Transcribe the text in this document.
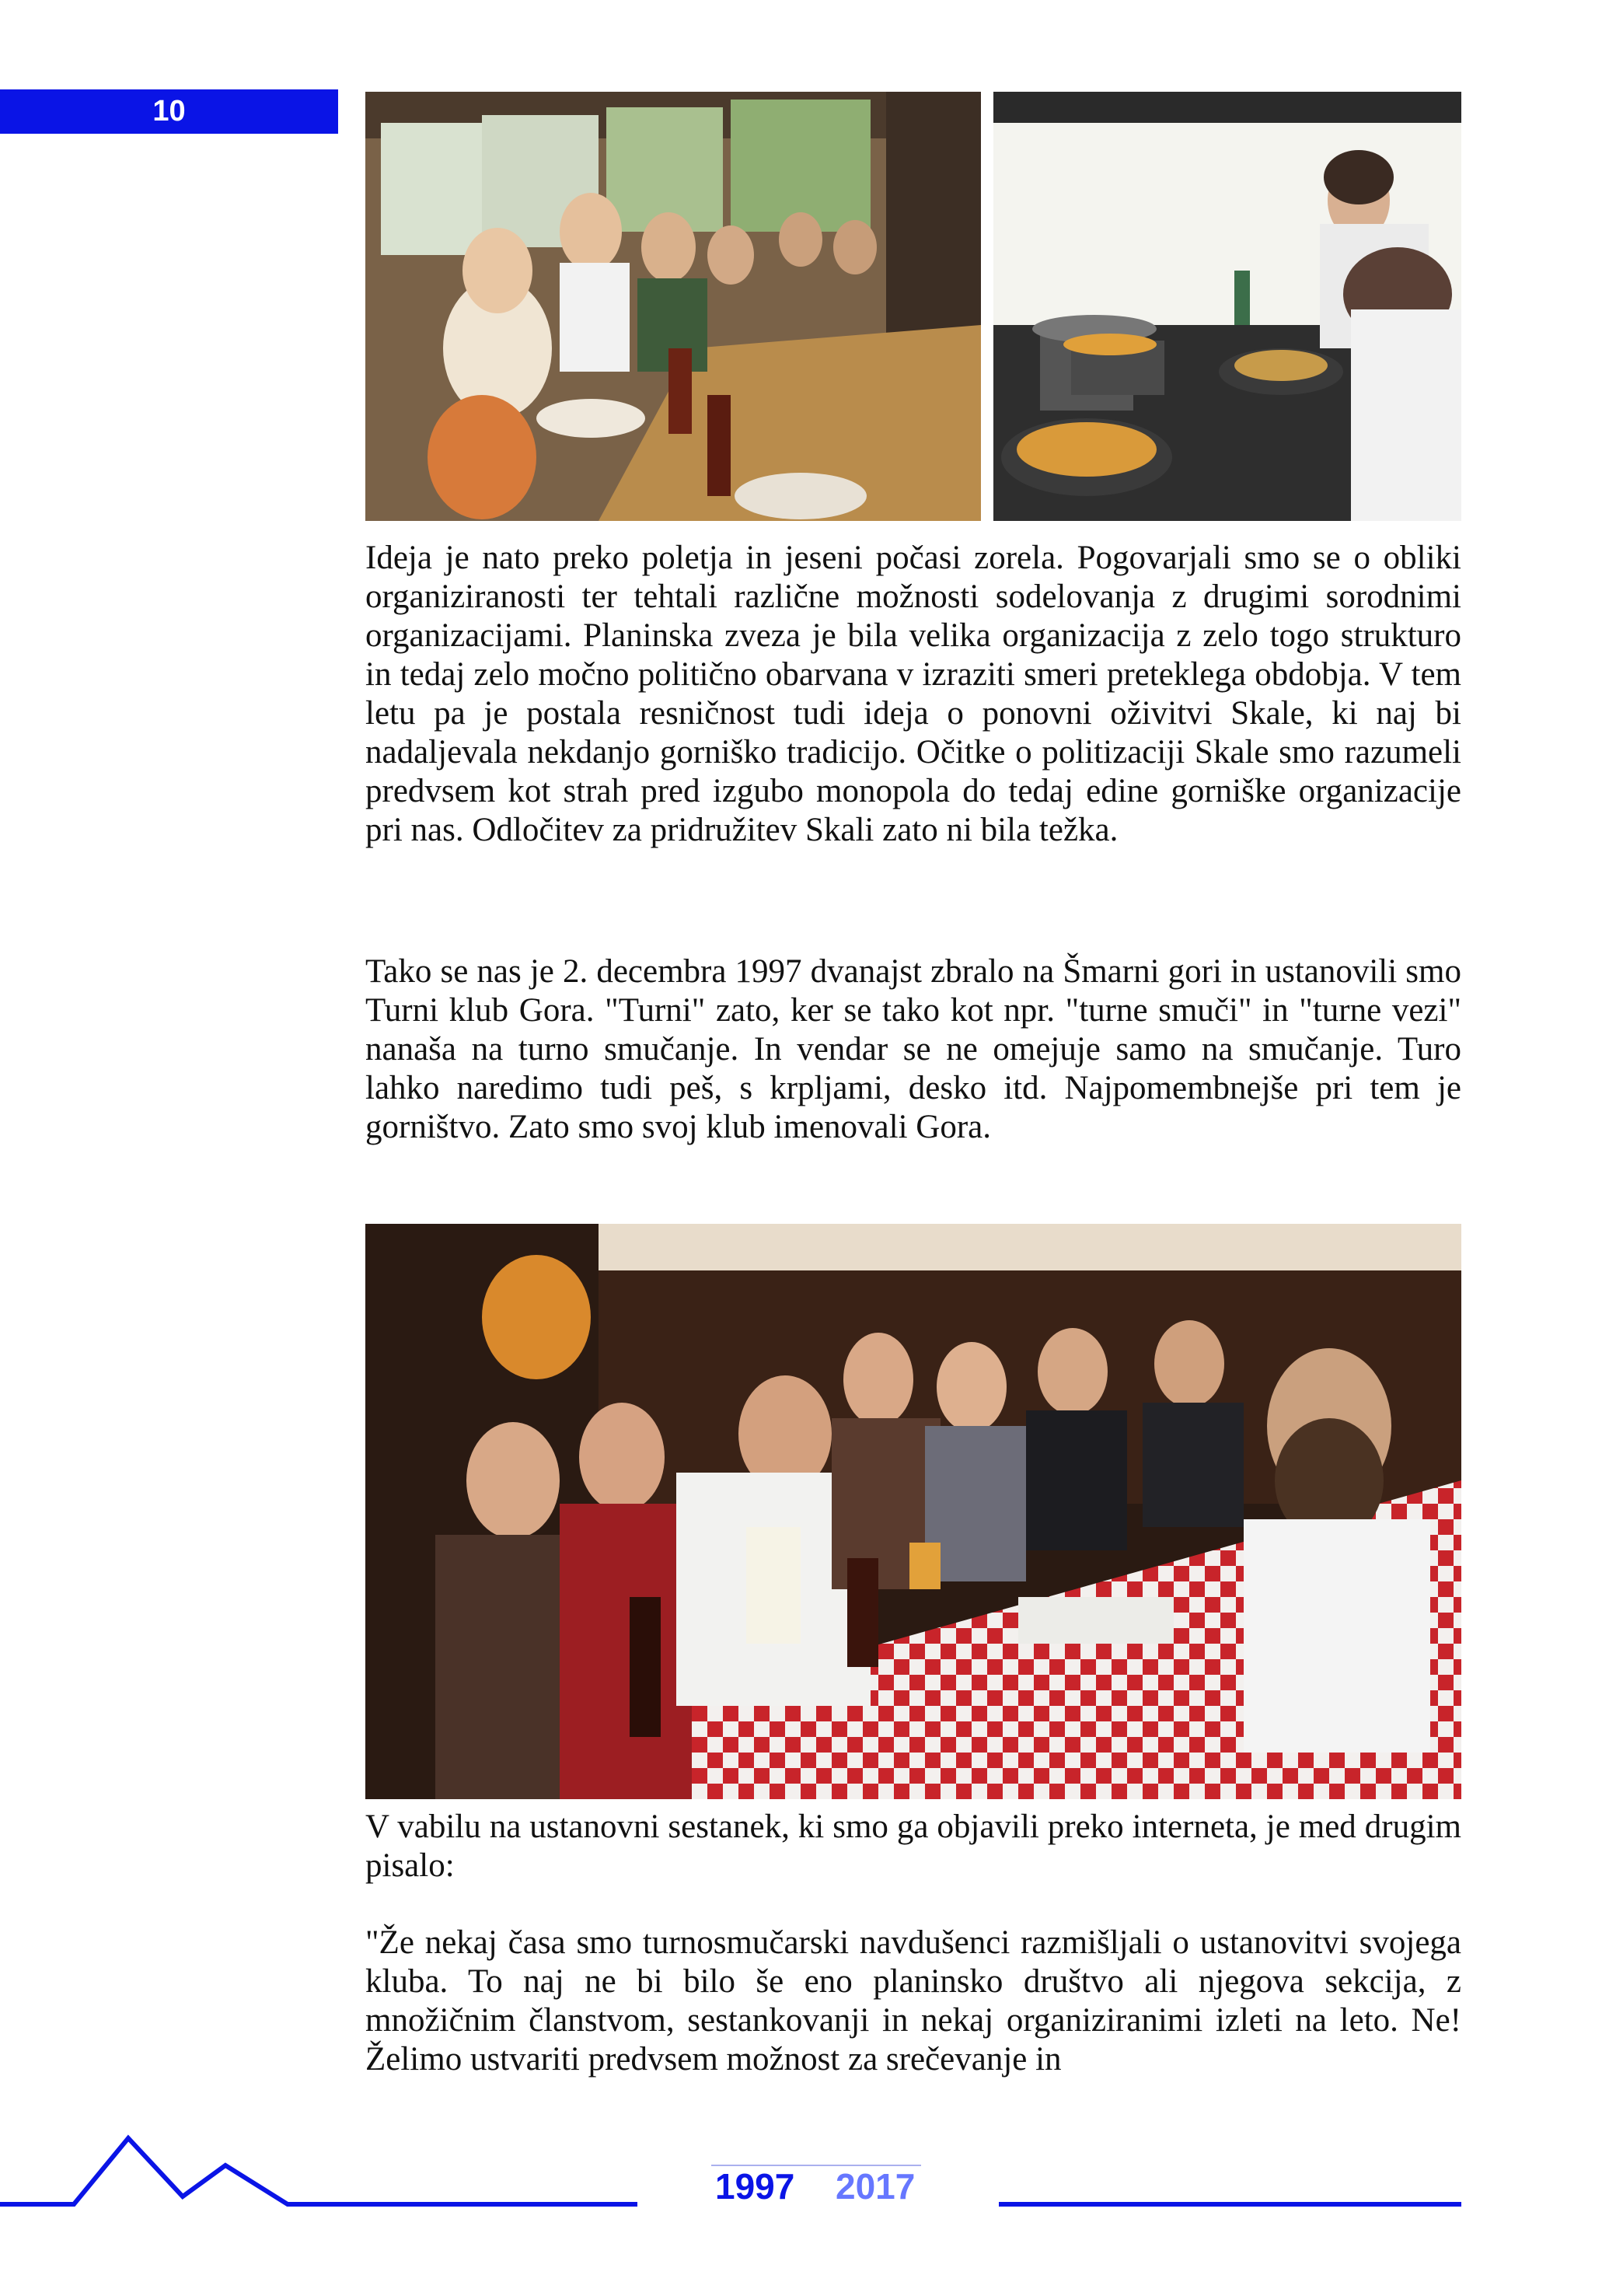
10

Ideja je nato preko poletja in jeseni počasi zorela. Pogovarjali smo se o obliki organiziranosti ter tehtali različne možnosti sodelovanja z drugimi sorodnimi organizacijami. Planinska zveza je bila velika organizacija z zelo togo strukturo in tedaj zelo močno politično obarvana v izraziti smeri preteklega obdobja. V tem letu pa je postala resničnost tudi ideja o ponovni oživitvi Skale, ki naj bi nadaljevala nekdanjo gorniško tradicijo. Očitke o politizaciji Skale smo razumeli predvsem kot strah pred izgubo monopola do tedaj edine gorniške organizacije pri nas. Odločitev za pridružitev Skali zato ni bila težka.

Tako se nas je 2. decembra 1997 dvanajst zbralo na Šmarni gori in ustanovili smo Turni klub Gora. "Turni" zato, ker se tako kot npr. "turne smuči" in "turne vezi" nanaša na turno smučanje. In vendar se ne omejuje samo na smučanje. Turo lahko naredimo tudi peš, s krpljami, desko itd. Najpomembnejše pri tem je gorništvo. Zato smo svoj klub imenovali Gora.

V vabilu na ustanovni sestanek, ki smo ga objavili preko interneta, je med drugim pisalo:

"Že nekaj časa smo turnosmučarski navdušenci razmišljali o ustanovitvi svojega kluba. To naj ne bi bilo še eno planinsko društvo ali njegova sekcija, z množičnim članstvom, sestankovanji in nekaj organiziranimi izleti na leto. Ne! Želimo ustvariti predvsem možnost za srečevanje in

1997 2017
